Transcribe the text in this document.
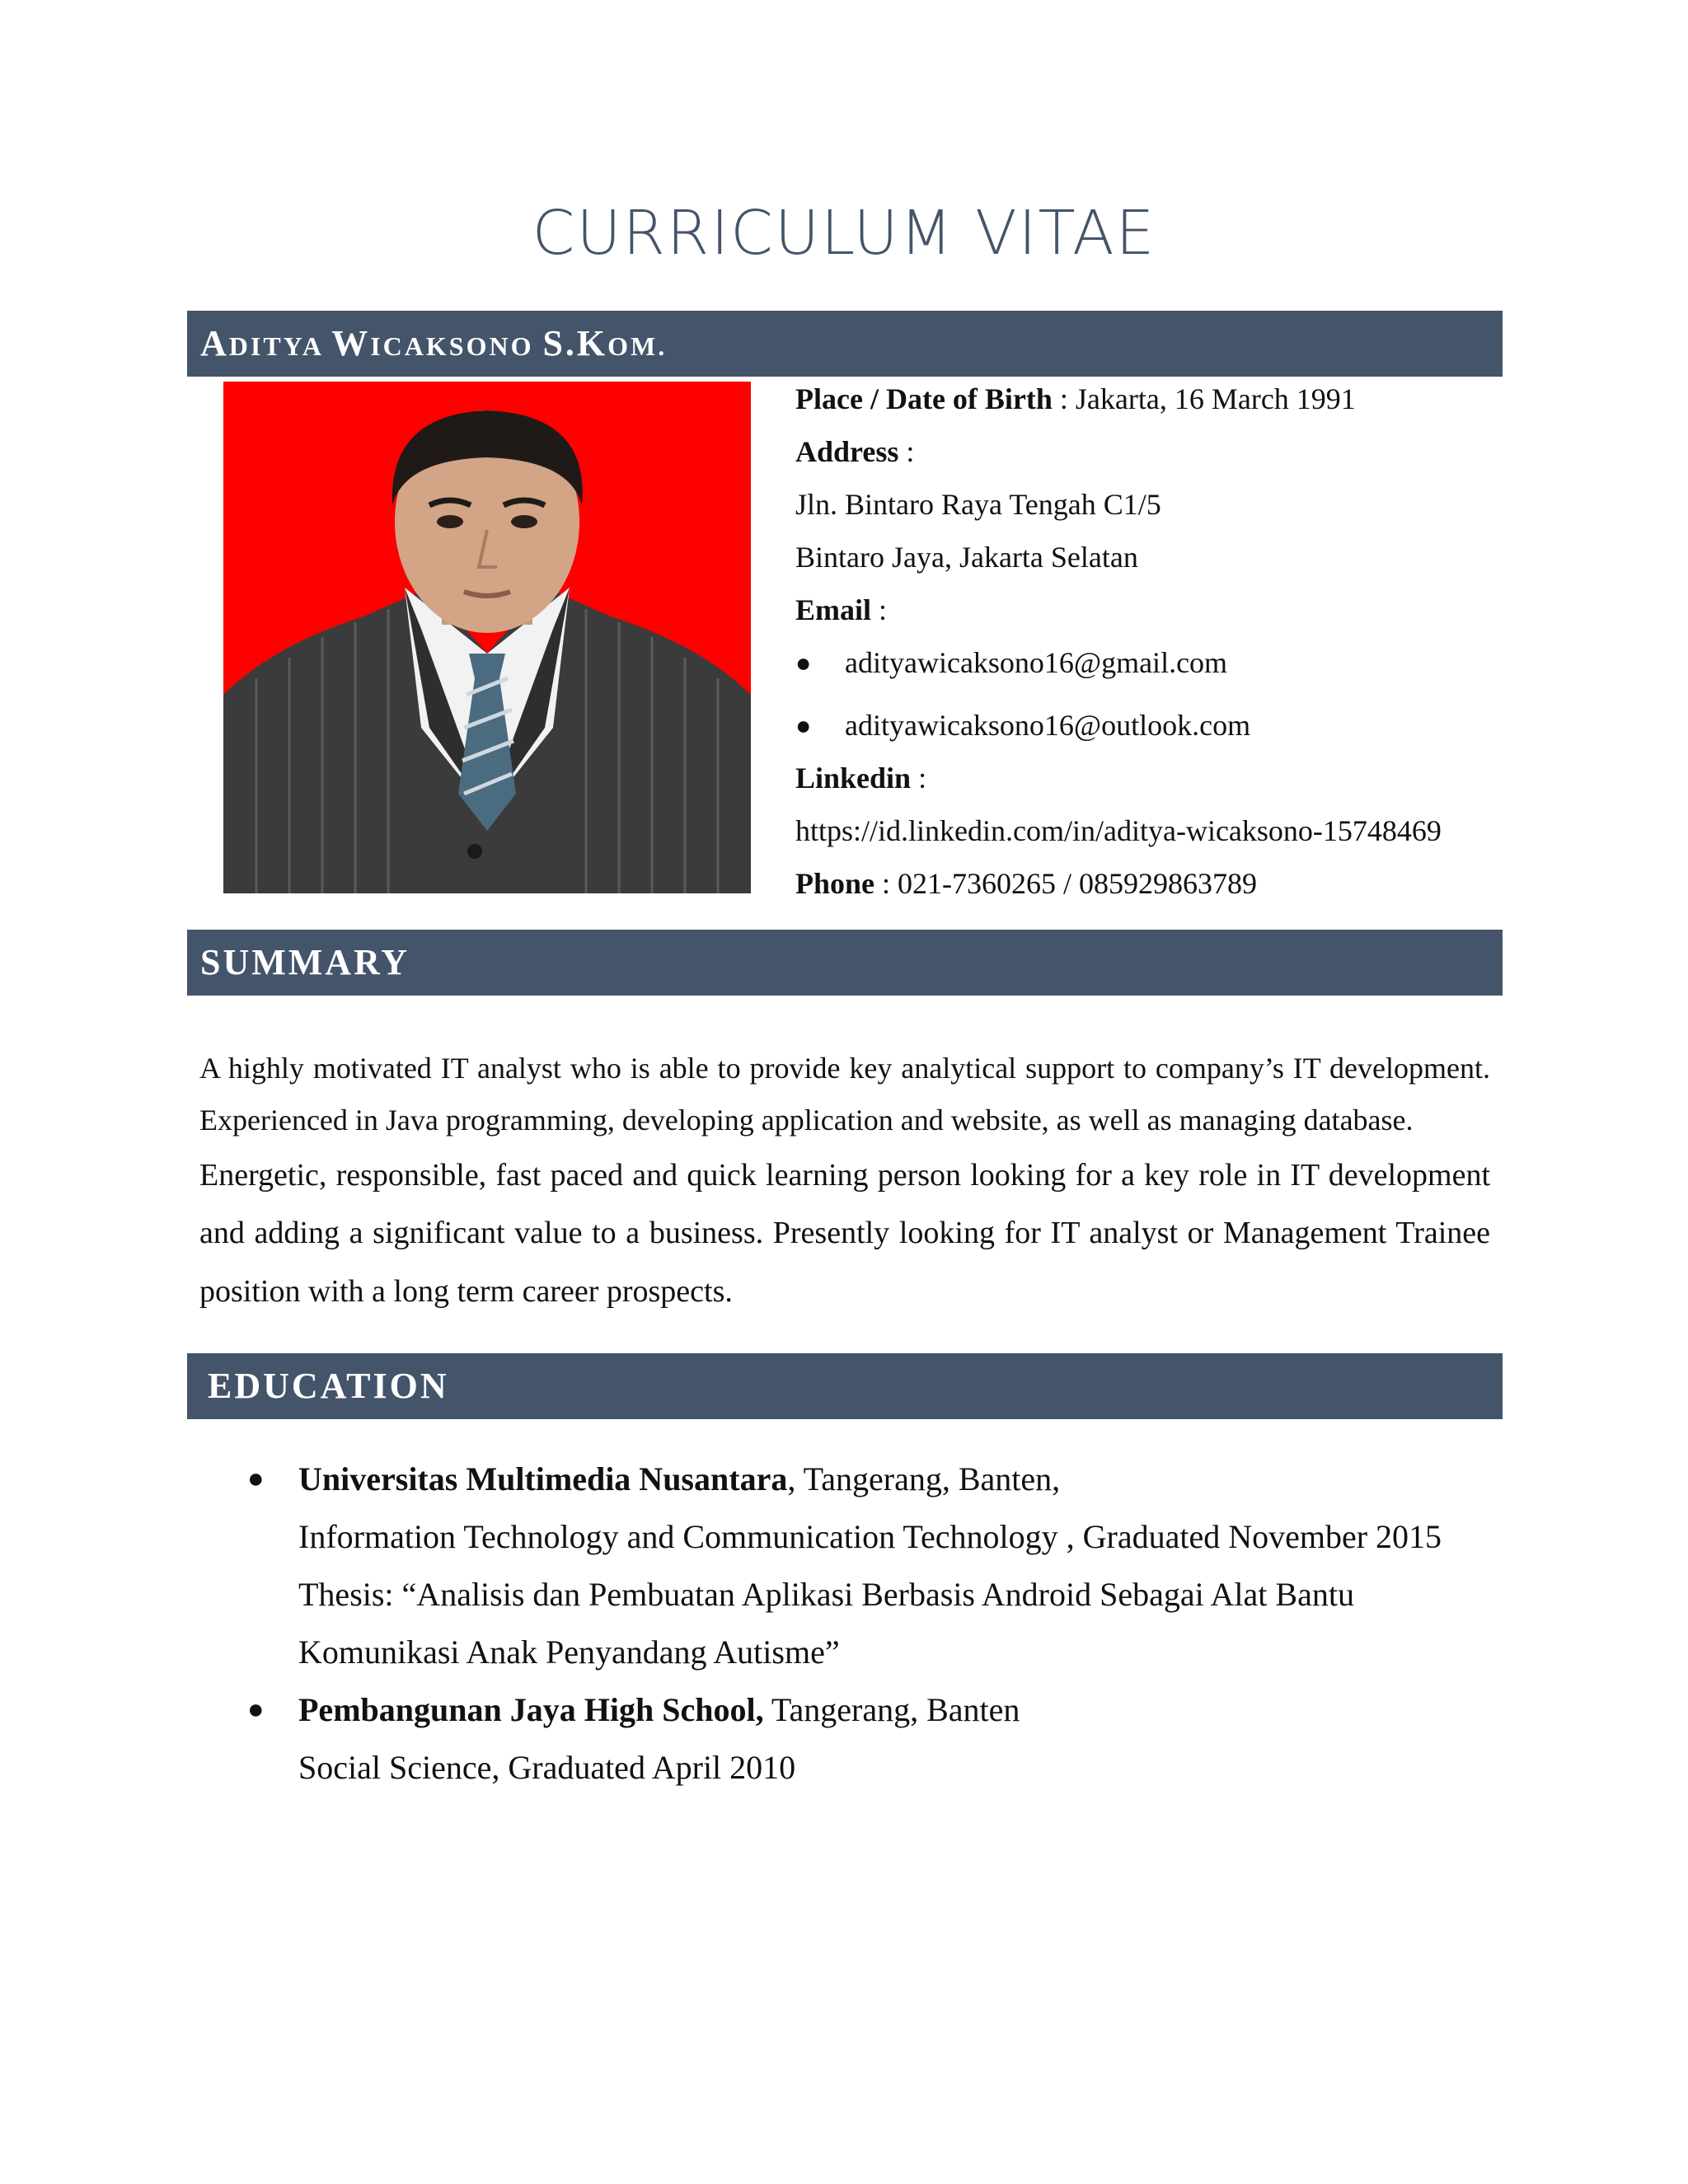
CURRICULUM VITAE
ADITYA WICAKSONO S.KOM.
Place / Date of Birth : Jakarta, 16 March 1991
Address :
Jln. Bintaro Raya Tengah C1/5
Bintaro Jaya, Jakarta Selatan
Email :
● adityawicaksono16@gmail.com
● adityawicaksono16@outlook.com
Linkedin :
https://id.linkedin.com/in/aditya-wicaksono-15748469
Phone : 021-7360265 / 085929863789
SUMMARY
A highly motivated IT analyst who is able to provide key analytical support to company’s IT development. Experienced in Java programming, developing application and website, as well as managing database.
Energetic, responsible, fast paced and quick learning person looking for a key role in IT development and adding a significant value to a business. Presently looking for IT analyst or Management Trainee position with a long term career prospects.
EDUCATION
● Universitas Multimedia Nusantara, Tangerang, Banten,
Information Technology and Communication Technology , Graduated November 2015
Thesis: “Analisis dan Pembuatan Aplikasi Berbasis Android Sebagai Alat Bantu
Komunikasi Anak Penyandang Autisme”
● Pembangunan Jaya High School, Tangerang, Banten
Social Science, Graduated April 2010
